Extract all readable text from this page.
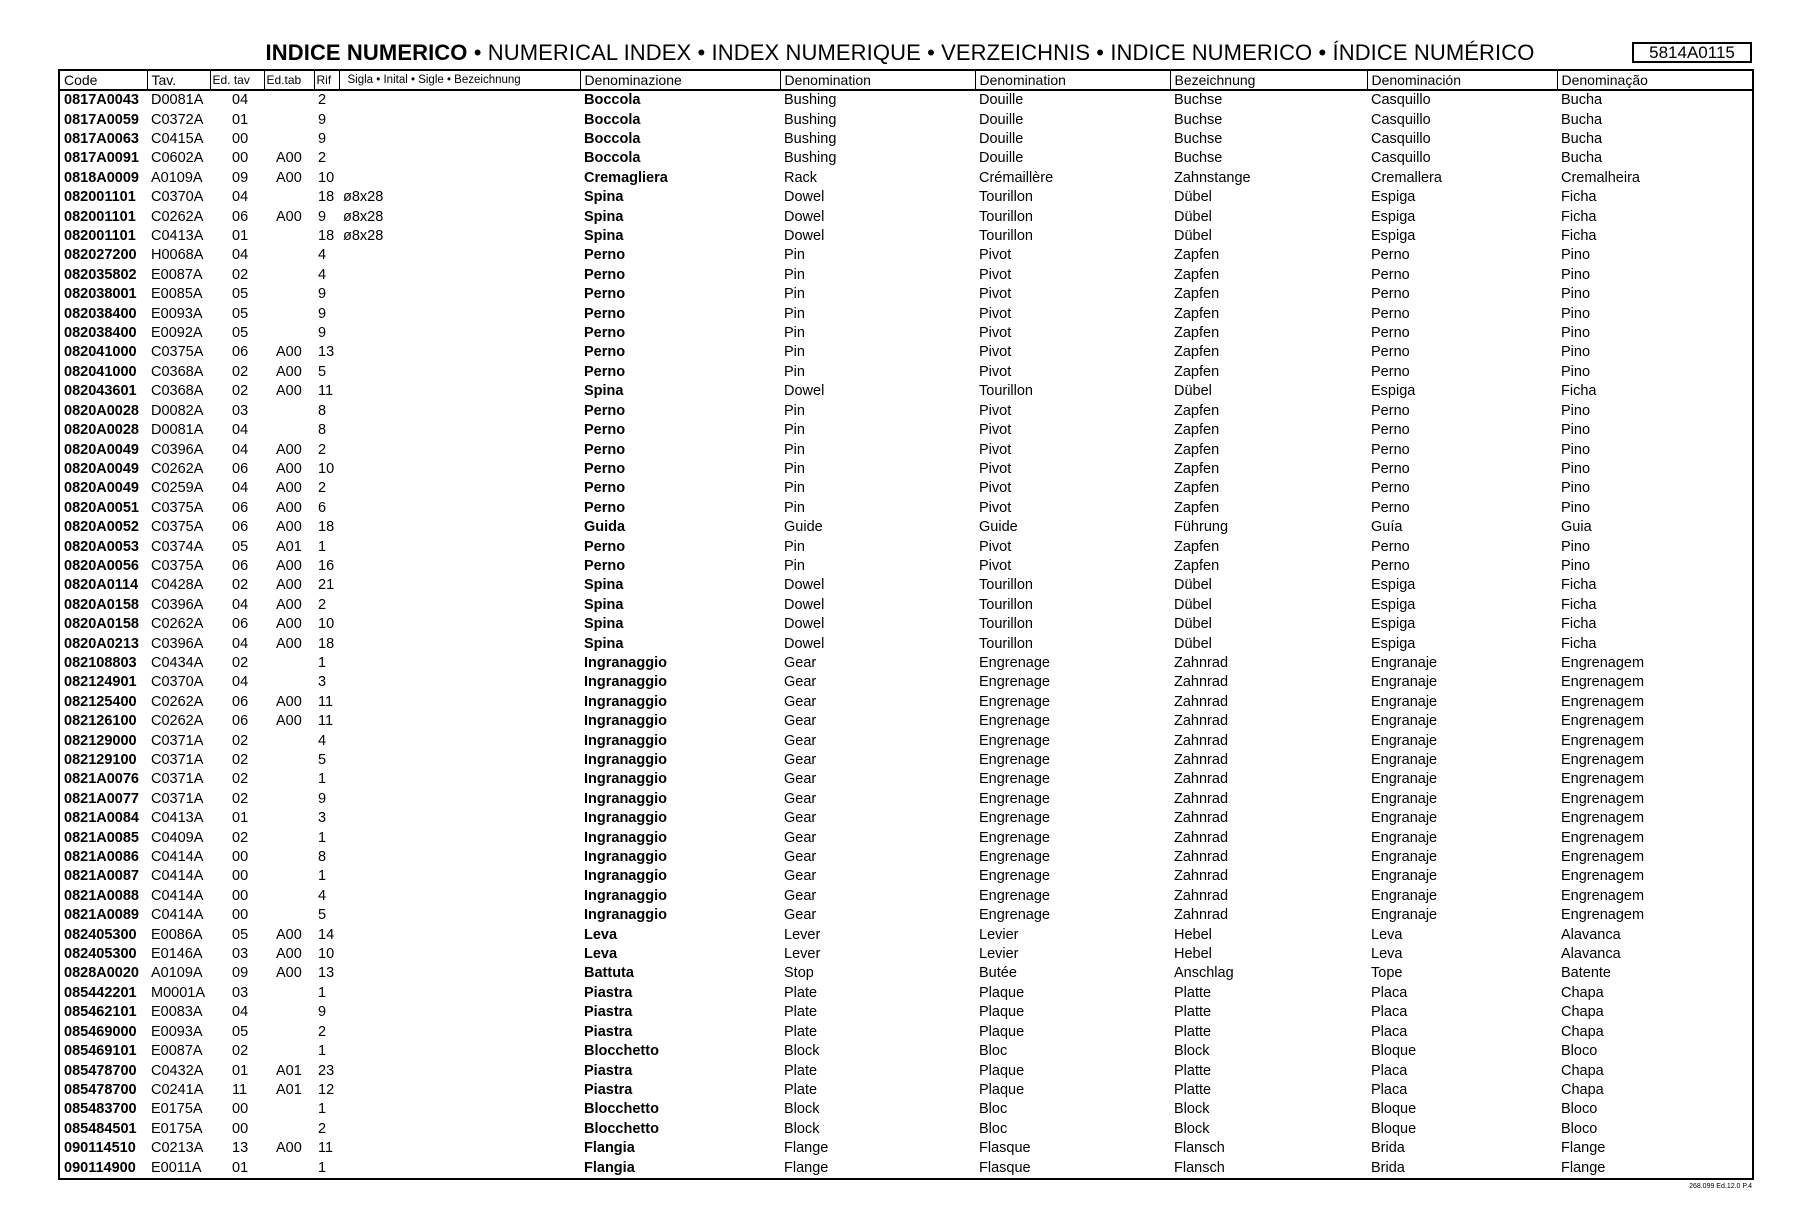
INDICE NUMERICO • NUMERICAL INDEX • INDEX NUMERIQUE • VERZEICHNIS • INDICE NUMERICO • ÍNDICE NUMÉRICO	5814A0115
Code	Tav.	Ed. tav	Ed.tab	Rif	Sigla • Inital • Sigle • Bezeichnung	Denominazione	Denomination	Denomination	Bezeichnung	Denominación	Denominação
0817A0043	D0081A	04		2		Boccola	Bushing	Douille	Buchse	Casquillo	Bucha
0817A0059	C0372A	01		9		Boccola	Bushing	Douille	Buchse	Casquillo	Bucha
0817A0063	C0415A	00		9		Boccola	Bushing	Douille	Buchse	Casquillo	Bucha
0817A0091	C0602A	00	A00	2		Boccola	Bushing	Douille	Buchse	Casquillo	Bucha
0818A0009	A0109A	09	A00	10		Cremagliera	Rack	Crémaillère	Zahnstange	Cremallera	Cremalheira
082001101	C0370A	04		18	ø8x28	Spina	Dowel	Tourillon	Dübel	Espiga	Ficha
082001101	C0262A	06	A00	9	ø8x28	Spina	Dowel	Tourillon	Dübel	Espiga	Ficha
082001101	C0413A	01		18	ø8x28	Spina	Dowel	Tourillon	Dübel	Espiga	Ficha
082027200	H0068A	04		4		Perno	Pin	Pivot	Zapfen	Perno	Pino
082035802	E0087A	02		4		Perno	Pin	Pivot	Zapfen	Perno	Pino
082038001	E0085A	05		9		Perno	Pin	Pivot	Zapfen	Perno	Pino
082038400	E0093A	05		9		Perno	Pin	Pivot	Zapfen	Perno	Pino
082038400	E0092A	05		9		Perno	Pin	Pivot	Zapfen	Perno	Pino
082041000	C0375A	06	A00	13		Perno	Pin	Pivot	Zapfen	Perno	Pino
082041000	C0368A	02	A00	5		Perno	Pin	Pivot	Zapfen	Perno	Pino
082043601	C0368A	02	A00	11		Spina	Dowel	Tourillon	Dübel	Espiga	Ficha
0820A0028	D0082A	03		8		Perno	Pin	Pivot	Zapfen	Perno	Pino
0820A0028	D0081A	04		8		Perno	Pin	Pivot	Zapfen	Perno	Pino
0820A0049	C0396A	04	A00	2		Perno	Pin	Pivot	Zapfen	Perno	Pino
0820A0049	C0262A	06	A00	10		Perno	Pin	Pivot	Zapfen	Perno	Pino
0820A0049	C0259A	04	A00	2		Perno	Pin	Pivot	Zapfen	Perno	Pino
0820A0051	C0375A	06	A00	6		Perno	Pin	Pivot	Zapfen	Perno	Pino
0820A0052	C0375A	06	A00	18		Guida	Guide	Guide	Führung	Guía	Guia
0820A0053	C0374A	05	A01	1		Perno	Pin	Pivot	Zapfen	Perno	Pino
0820A0056	C0375A	06	A00	16		Perno	Pin	Pivot	Zapfen	Perno	Pino
0820A0114	C0428A	02	A00	21		Spina	Dowel	Tourillon	Dübel	Espiga	Ficha
0820A0158	C0396A	04	A00	2		Spina	Dowel	Tourillon	Dübel	Espiga	Ficha
0820A0158	C0262A	06	A00	10		Spina	Dowel	Tourillon	Dübel	Espiga	Ficha
0820A0213	C0396A	04	A00	18		Spina	Dowel	Tourillon	Dübel	Espiga	Ficha
082108803	C0434A	02		1		Ingranaggio	Gear	Engrenage	Zahnrad	Engranaje	Engrenagem
082124901	C0370A	04		3		Ingranaggio	Gear	Engrenage	Zahnrad	Engranaje	Engrenagem
082125400	C0262A	06	A00	11		Ingranaggio	Gear	Engrenage	Zahnrad	Engranaje	Engrenagem
082126100	C0262A	06	A00	11		Ingranaggio	Gear	Engrenage	Zahnrad	Engranaje	Engrenagem
082129000	C0371A	02		4		Ingranaggio	Gear	Engrenage	Zahnrad	Engranaje	Engrenagem
082129100	C0371A	02		5		Ingranaggio	Gear	Engrenage	Zahnrad	Engranaje	Engrenagem
0821A0076	C0371A	02		1		Ingranaggio	Gear	Engrenage	Zahnrad	Engranaje	Engrenagem
0821A0077	C0371A	02		9		Ingranaggio	Gear	Engrenage	Zahnrad	Engranaje	Engrenagem
0821A0084	C0413A	01		3		Ingranaggio	Gear	Engrenage	Zahnrad	Engranaje	Engrenagem
0821A0085	C0409A	02		1		Ingranaggio	Gear	Engrenage	Zahnrad	Engranaje	Engrenagem
0821A0086	C0414A	00		8		Ingranaggio	Gear	Engrenage	Zahnrad	Engranaje	Engrenagem
0821A0087	C0414A	00		1		Ingranaggio	Gear	Engrenage	Zahnrad	Engranaje	Engrenagem
0821A0088	C0414A	00		4		Ingranaggio	Gear	Engrenage	Zahnrad	Engranaje	Engrenagem
0821A0089	C0414A	00		5		Ingranaggio	Gear	Engrenage	Zahnrad	Engranaje	Engrenagem
082405300	E0086A	05	A00	14		Leva	Lever	Levier	Hebel	Leva	Alavanca
082405300	E0146A	03	A00	10		Leva	Lever	Levier	Hebel	Leva	Alavanca
0828A0020	A0109A	09	A00	13		Battuta	Stop	Butée	Anschlag	Tope	Batente
085442201	M0001A	03		1		Piastra	Plate	Plaque	Platte	Placa	Chapa
085462101	E0083A	04		9		Piastra	Plate	Plaque	Platte	Placa	Chapa
085469000	E0093A	05		2		Piastra	Plate	Plaque	Platte	Placa	Chapa
085469101	E0087A	02		1		Blocchetto	Block	Bloc	Block	Bloque	Bloco
085478700	C0432A	01	A01	23		Piastra	Plate	Plaque	Platte	Placa	Chapa
085478700	C0241A	11	A01	12		Piastra	Plate	Plaque	Platte	Placa	Chapa
085483700	E0175A	00		1		Blocchetto	Block	Bloc	Block	Bloque	Bloco
085484501	E0175A	00		2		Blocchetto	Block	Bloc	Block	Bloque	Bloco
090114510	C0213A	13	A00	11		Flangia	Flange	Flasque	Flansch	Brida	Flange
090114900	E0011A	01		1		Flangia	Flange	Flasque	Flansch	Brida	Flange
268.099 Ed.12.0 P.4
